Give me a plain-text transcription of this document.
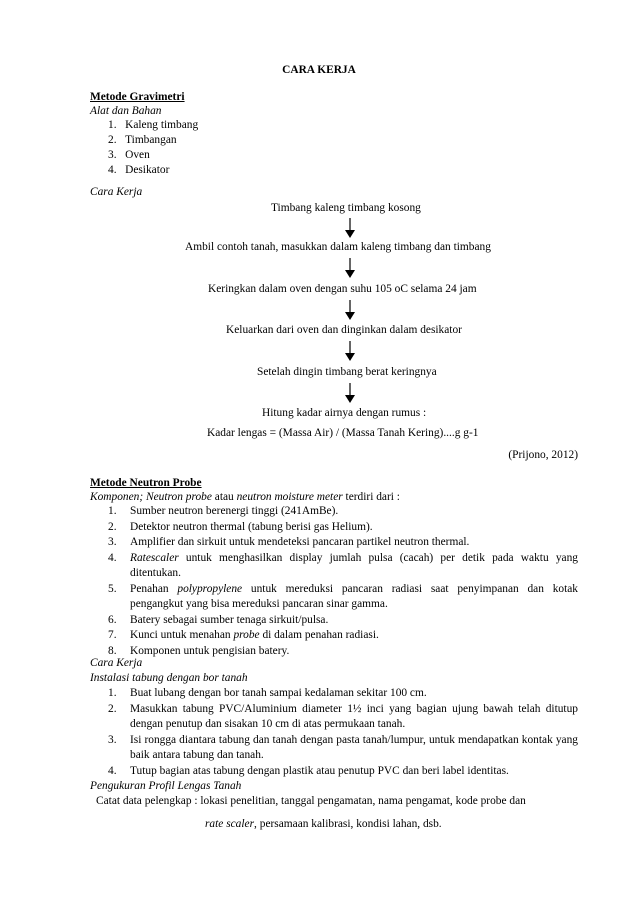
CARA KERJA
Metode Gravimetri
Alat dan Bahan
1.   Kaleng timbang
2.   Timbangan
3.   Oven
4.   Desikator
Cara Kerja
Timbang kaleng timbang kosong
Ambil contoh tanah, masukkan dalam kaleng timbang dan timbang
Keringkan dalam oven dengan suhu 105 oC selama 24 jam
Keluarkan dari oven dan dinginkan dalam desikator
Setelah dingin timbang berat keringnya
Hitung kadar airnya dengan rumus :
Kadar lengas = (Massa Air) / (Massa Tanah Kering)....g g-1
(Prijono, 2012)
Metode Neutron Probe
Komponen; Neutron probe atau neutron moisture meter terdiri dari :
1. Sumber neutron berenergi tinggi (241AmBe).
2. Detektor neutron thermal (tabung berisi gas Helium).
3. Amplifier dan sirkuit untuk mendeteksi pancaran partikel neutron thermal.
4. Ratescaler untuk menghasilkan display jumlah pulsa (cacah) per detik pada waktu yang ditentukan.
5. Penahan polypropylene untuk mereduksi pancaran radiasi saat penyimpanan dan kotak pengangkut yang bisa mereduksi pancaran sinar gamma.
6. Batery sebagai sumber tenaga sirkuit/pulsa.
7. Kunci untuk menahan probe di dalam penahan radiasi.
8. Komponen untuk pengisian batery.
Cara Kerja
Instalasi tabung dengan bor tanah
1. Buat lubang dengan bor tanah sampai kedalaman sekitar 100 cm.
2. Masukkan tabung PVC/Aluminium diameter 1½ inci yang bagian ujung bawah telah ditutup dengan penutup dan sisakan 10 cm di atas permukaan tanah.
3. Isi rongga diantara tabung dan tanah dengan pasta tanah/lumpur, untuk mendapatkan kontak yang baik antara tabung dan tanah.
4. Tutup bagian atas tabung dengan plastik atau penutup PVC dan beri label identitas.
Pengukuran Profil Lengas Tanah
Catat data pelengkap : lokasi penelitian, tanggal pengamatan, nama pengamat, kode probe dan
rate scaler, persamaan kalibrasi, kondisi lahan, dsb.
